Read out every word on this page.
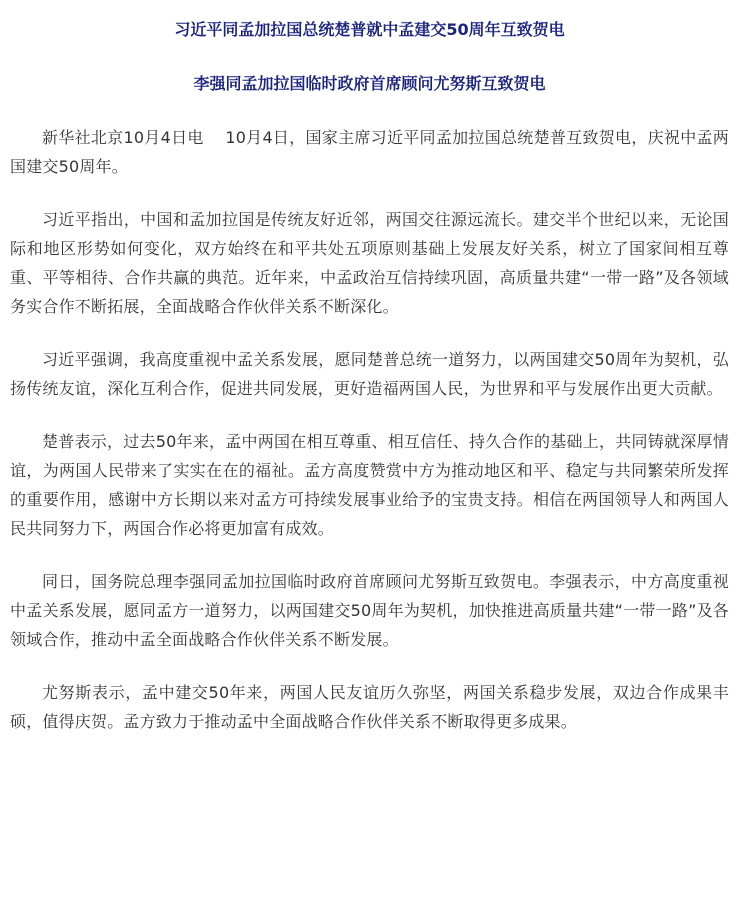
习近平同孟加拉国总统楚普就中孟建交50周年互致贺电
李强同孟加拉国临时政府首席顾问尤努斯互致贺电

新华社北京10月4日电　 10月4日，国家主席习近平同孟加拉国总统楚普互致贺电，庆祝中孟两国建交50周年。

习近平指出，中国和孟加拉国是传统友好近邻，两国交往源远流长。建交半个世纪以来，无论国际和地区形势如何变化，双方始终在和平共处五项原则基础上发展友好关系，树立了国家间相互尊重、平等相待、合作共赢的典范。近年来，中孟政治互信持续巩固，高质量共建“一带一路”及各领域务实合作不断拓展，全面战略合作伙伴关系不断深化。

习近平强调，我高度重视中孟关系发展，愿同楚普总统一道努力，以两国建交50周年为契机，弘扬传统友谊，深化互利合作，促进共同发展，更好造福两国人民，为世界和平与发展作出更大贡献。

楚普表示，过去50年来，孟中两国在相互尊重、相互信任、持久合作的基础上，共同铸就深厚情谊，为两国人民带来了实实在在的福祉。孟方高度赞赏中方为推动地区和平、稳定与共同繁荣所发挥的重要作用，感谢中方长期以来对孟方可持续发展事业给予的宝贵支持。相信在两国领导人和两国人民共同努力下，两国合作必将更加富有成效。

同日，国务院总理李强同孟加拉国临时政府首席顾问尤努斯互致贺电。李强表示，中方高度重视中孟关系发展，愿同孟方一道努力，以两国建交50周年为契机，加快推进高质量共建“一带一路”及各领域合作，推动中孟全面战略合作伙伴关系不断发展。

尤努斯表示，孟中建交50年来，两国人民友谊历久弥坚，两国关系稳步发展，双边合作成果丰硕，值得庆贺。孟方致力于推动孟中全面战略合作伙伴关系不断取得更多成果。
